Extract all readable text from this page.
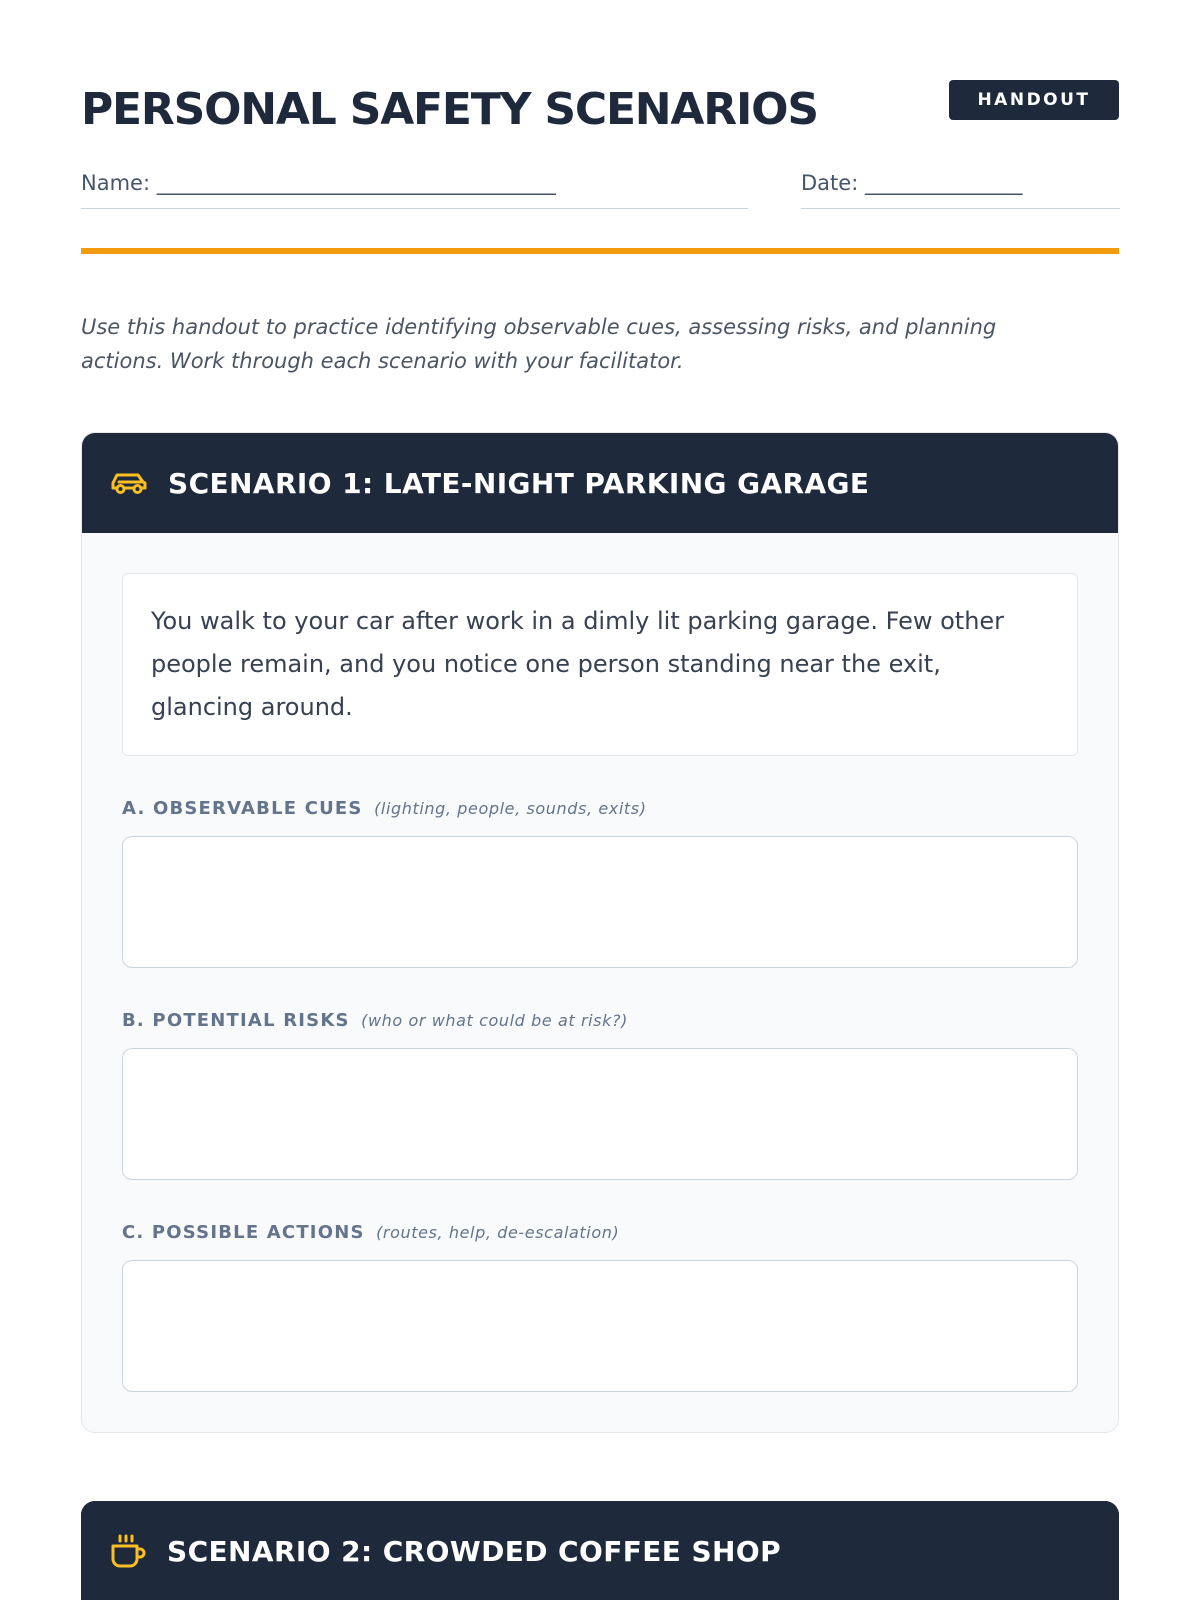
PERSONAL SAFETY SCENARIOS	HANDOUT
Name: ______________________________________	Date: _______________

Use this handout to practice identifying observable cues, assessing risks, and planning actions. Work through each scenario with your facilitator.

SCENARIO 1: LATE-NIGHT PARKING GARAGE
You walk to your car after work in a dimly lit parking garage. Few other people remain, and you notice one person standing near the exit, glancing around.
A. OBSERVABLE CUES (lighting, people, sounds, exits)
B. POTENTIAL RISKS (who or what could be at risk?)
C. POSSIBLE ACTIONS (routes, help, de-escalation)
SCENARIO 2: CROWDED COFFEE SHOP
